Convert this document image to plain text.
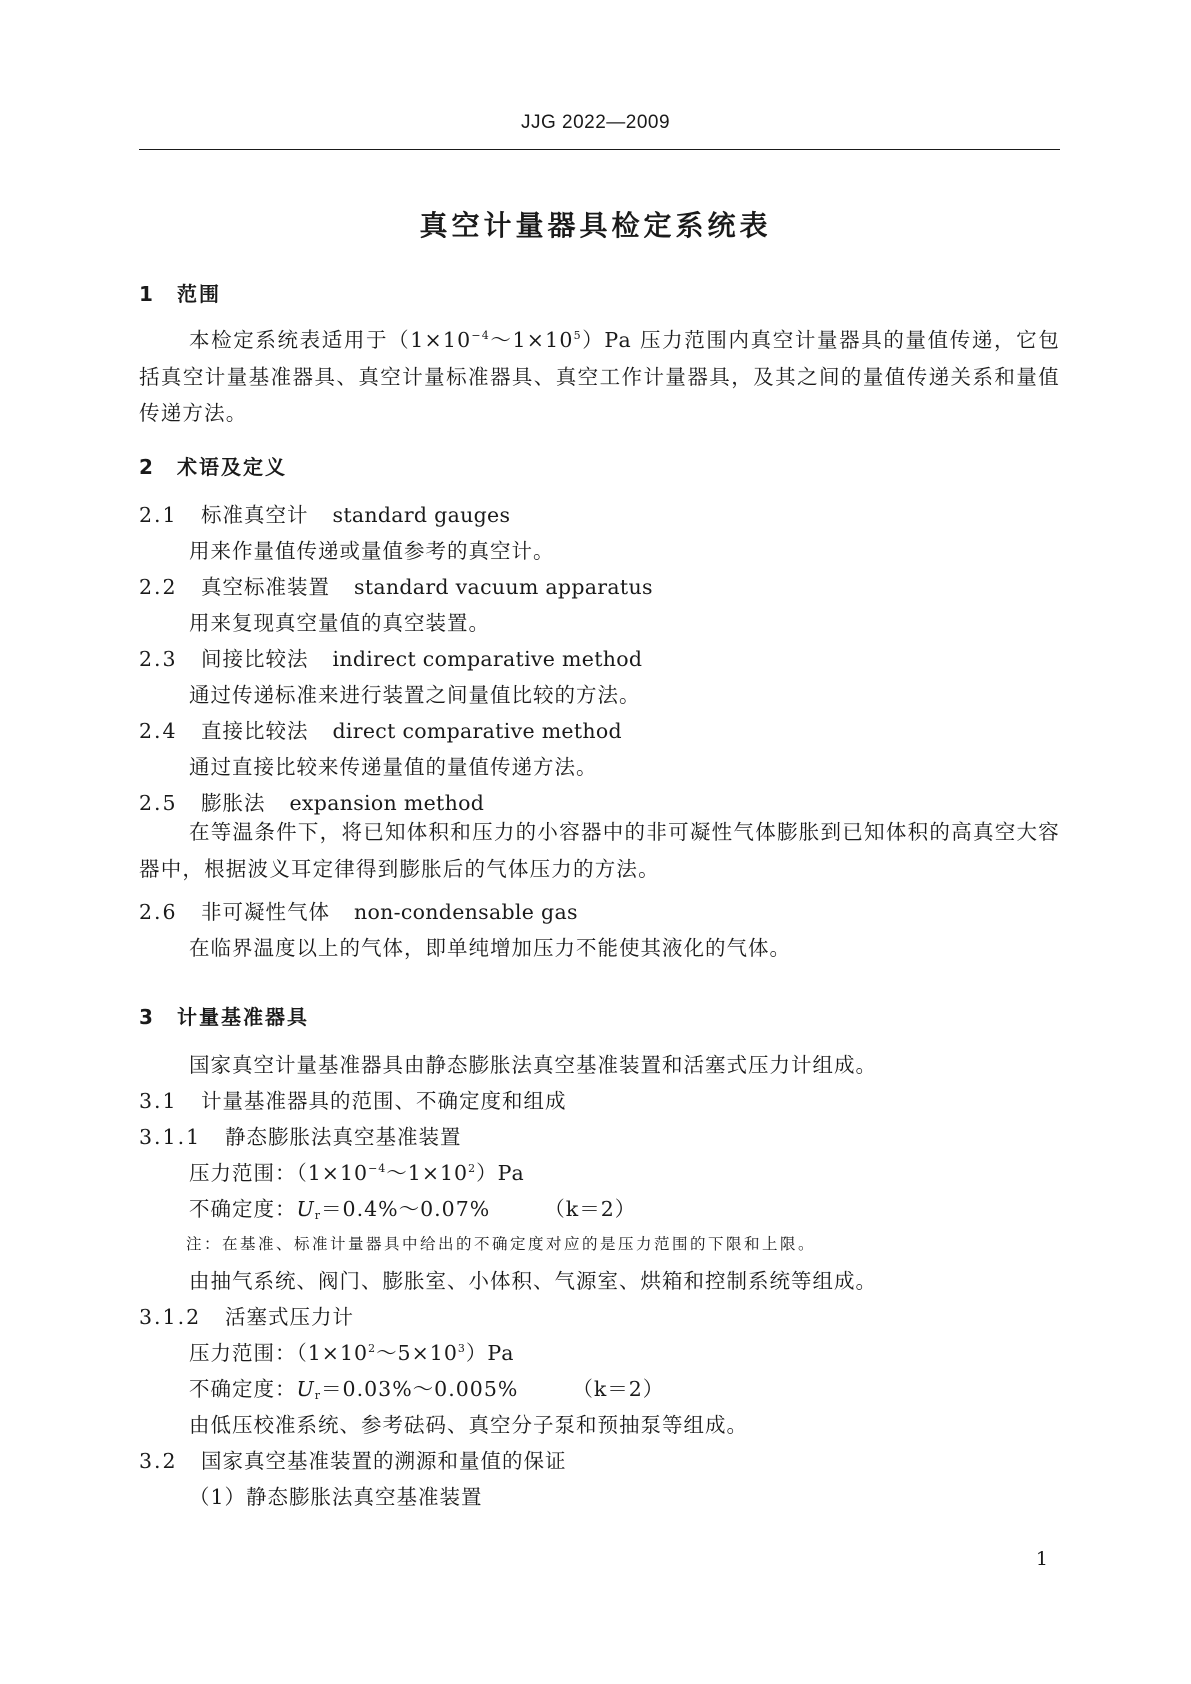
JJG 2022—2009
真空计量器具检定系统表
1 范围
本检定系统表适用于$(1\times 10^{-4}\sim 1\times 10^5)Pa$ 压力范围内真空计量器具的量值传递，它包括真空计量基准器具、真空计量标准器具、真空工作计量器具，及其之间的量值传递关系和量值传递方法。
2 术语及定义
2.1 标准真空计 standard gauges
用来作量值传递或量值参考的真空计。
2.2 真空标准装置 standard vacuum apparatus
用来复现真空量值的真空装置。
2.3 间接比较法 indirect comparative method
通过传递标准来进行装置之间量值比较的方法。
2.4 直接比较法 direct comparative method
通过直接比较来传递量值的量值传递方法。
2.5 膨胀法 expansion method
在等温条件下，将已知体积和压力的小容器中的非可凝性气体膨胀到已知体积的高真空大容器中，根据波义耳定律得到膨胀后的气体压力的方法。
2.6 非可凝性气体 non-condensable gas
在临界温度以上的气体，即单纯增加压力不能使其液化的气体。
3 计量基准器具
国家真空计量基准器具由静态膨胀法真空基准装置和活塞式压力计组成。
3.1 计量基准器具的范围、不确定度和组成
3.1.1 静态膨胀法真空基准装置
压力范围：$(1\times 10^{-4}\sim 1\times 10^2)Pa$
不确定度：$U_r=0.4\%\sim 0.07\%$	（k＝2）
注：在基准、标准计量器具中给出的不确定度对应的是压力范围的下限和上限。
由抽气系统、阀门、膨胀室、小体积、气源室、烘箱和控制系统等组成。
3.1.2 活塞式压力计
压力范围：$(1\times 10^2\sim 5\times 10^3)Pa$
不确定度：$U_r=0.03\%\sim 0.005\%$	（k＝2）
由低压校准系统、参考砝码、真空分子泵和预抽泵等组成。
3.2 国家真空基准装置的溯源和量值的保证
（1）静态膨胀法真空基准装置
1
